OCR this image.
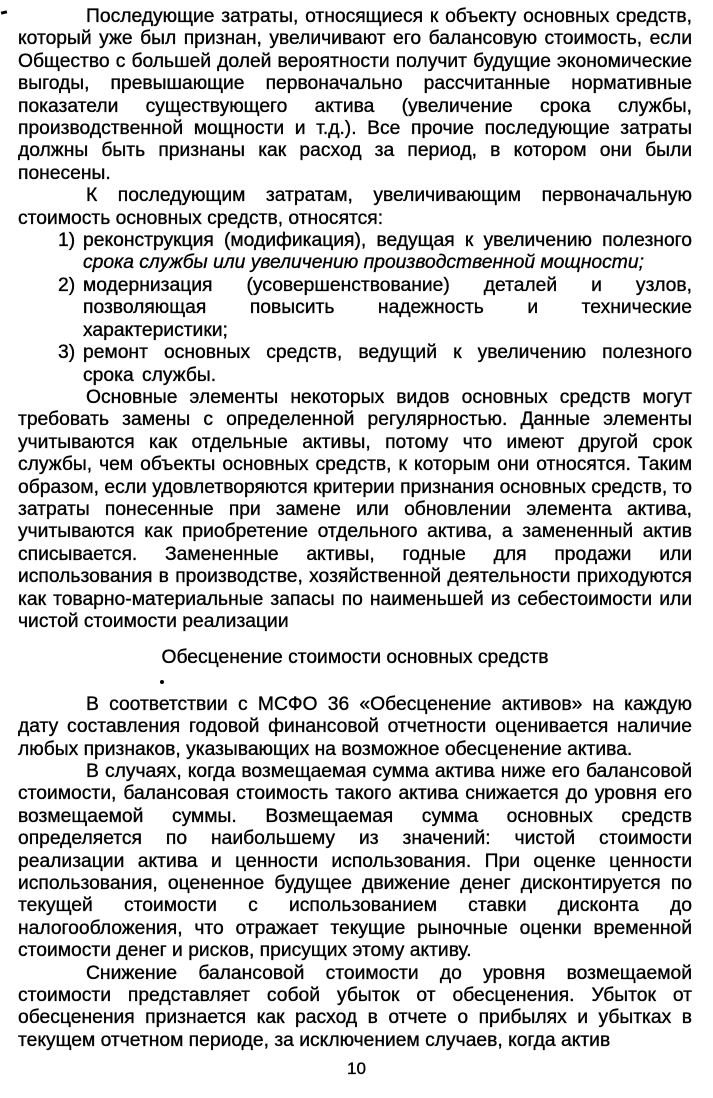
Последующие затраты, относящиеся к объекту основных средств, который уже был признан, увеличивают его балансовую стоимость, если Общество с большей долей вероятности получит будущие экономические выгоды, превышающие первоначально рассчитанные нормативные показатели существующего актива (увеличение срока службы, производственной мощности и т.д.). Все прочие последующие затраты должны быть признаны как расход за период, в котором они были понесены.

К последующим затратам, увеличивающим первоначальную стоимость основных средств, относятся:

1) реконструкция (модификация), ведущая к увеличению полезного срока службы или увеличению производственной мощности;
2) модернизация (усовершенствование) деталей и узлов, позволяющая повысить надежность и технические характеристики;
3) ремонт основных средств, ведущий к увеличению полезного срока службы.

Основные элементы некоторых видов основных средств могут требовать замены с определенной регулярностью. Данные элементы учитываются как отдельные активы, потому что имеют другой срок службы, чем объекты основных средств, к которым они относятся. Таким образом, если удовлетворяются критерии признания основных средств, то затраты понесенные при замене или обновлении элемента актива, учитываются как приобретение отдельного актива, а замененный актив списывается. Замененные активы, годные для продажи или использования в производстве, хозяйственной деятельности приходуются как товарно-материальные запасы по наименьшей из себестоимости или чистой стоимости реализации

Обесценение стоимости основных средств

В соответствии с МСФО 36 «Обесценение активов» на каждую дату составления годовой финансовой отчетности оценивается наличие любых признаков, указывающих на возможное обесценение актива.

В случаях, когда возмещаемая сумма актива ниже его балансовой стоимости, балансовая стоимость такого актива снижается до уровня его возмещаемой суммы. Возмещаемая сумма основных средств определяется по наибольшему из значений: чистой стоимости реализации актива и ценности использования. При оценке ценности использования, оцененное будущее движение денег дисконтируется по текущей стоимости с использованием ставки дисконта до налогообложения, что отражает текущие рыночные оценки временной стоимости денег и рисков, присущих этому активу.

Снижение балансовой стоимости до уровня возмещаемой стоимости представляет собой убыток от обесценения. Убыток от обесценения признается как расход в отчете о прибылях и убытках в текущем отчетном периоде, за исключением случаев, когда актив

10
